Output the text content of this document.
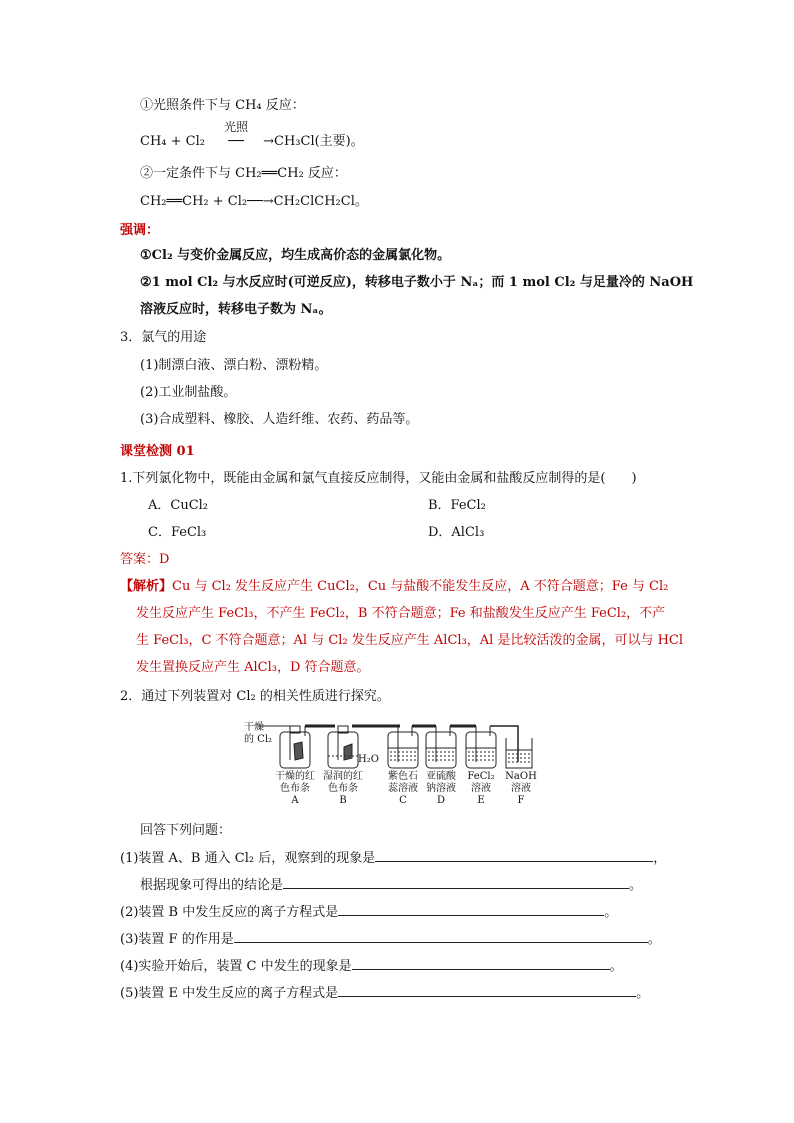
①光照条件下与 CH₄ 反应：
CH₄ + Cl₂
光照
── →CH₃Cl(主要)。
②一定条件下与 CH₂══CH₂ 反应：
CH₂══CH₂ + Cl₂──→CH₂ClCH₂Cl。
强调：
①Cl₂ 与变价金属反应，均生成高价态的金属氯化物。
②1 mol Cl₂ 与水反应时(可逆反应)，转移电子数小于 Nₐ；而 1 mol Cl₂ 与足量冷的 NaOH
溶液反应时，转移电子数为 Nₐ。
3．氯气的用途
(1)制漂白液、漂白粉、漂粉精。
(2)工业制盐酸。
(3)合成塑料、橡胶、人造纤维、农药、药品等。
课堂检测 01
1.下列氯化物中，既能由金属和氯气直接反应制得，又能由金属和盐酸反应制得的是(　　)
A．CuCl₂	B．FeCl₂
C．FeCl₃	D．AlCl₃
答案：D
【解析】Cu 与 Cl₂ 发生反应产生 CuCl₂，Cu 与盐酸不能发生反应，A 不符合题意；Fe 与 Cl₂
发生反应产生 FeCl₃，不产生 FeCl₂，B 不符合题意；Fe 和盐酸发生反应产生 FeCl₂，不产
生 FeCl₃，C 不符合题意；Al 与 Cl₂ 发生反应产生 AlCl₃，Al 是比较活泼的金属，可以与 HCl
发生置换反应产生 AlCl₃，D 符合题意。
2．通过下列装置对 Cl₂ 的相关性质进行探究。
干燥
的 Cl₂
H₂O
干燥的红
色布条
A
湿润的红
色布条
B
紫色石
蕊溶液
C
亚硫酸
钠溶液
D
FeCl₂
溶液
E
NaOH
溶液
F
回答下列问题：
(1)装置 A、B 通入 Cl₂ 后，观察到的现象是	，
根据现象可得出的结论是	。
(2)装置 B 中发生反应的离子方程式是	。
(3)装置 F 的作用是	。
(4)实验开始后，装置 C 中发生的现象是	。
(5)装置 E 中发生反应的离子方程式是	。
